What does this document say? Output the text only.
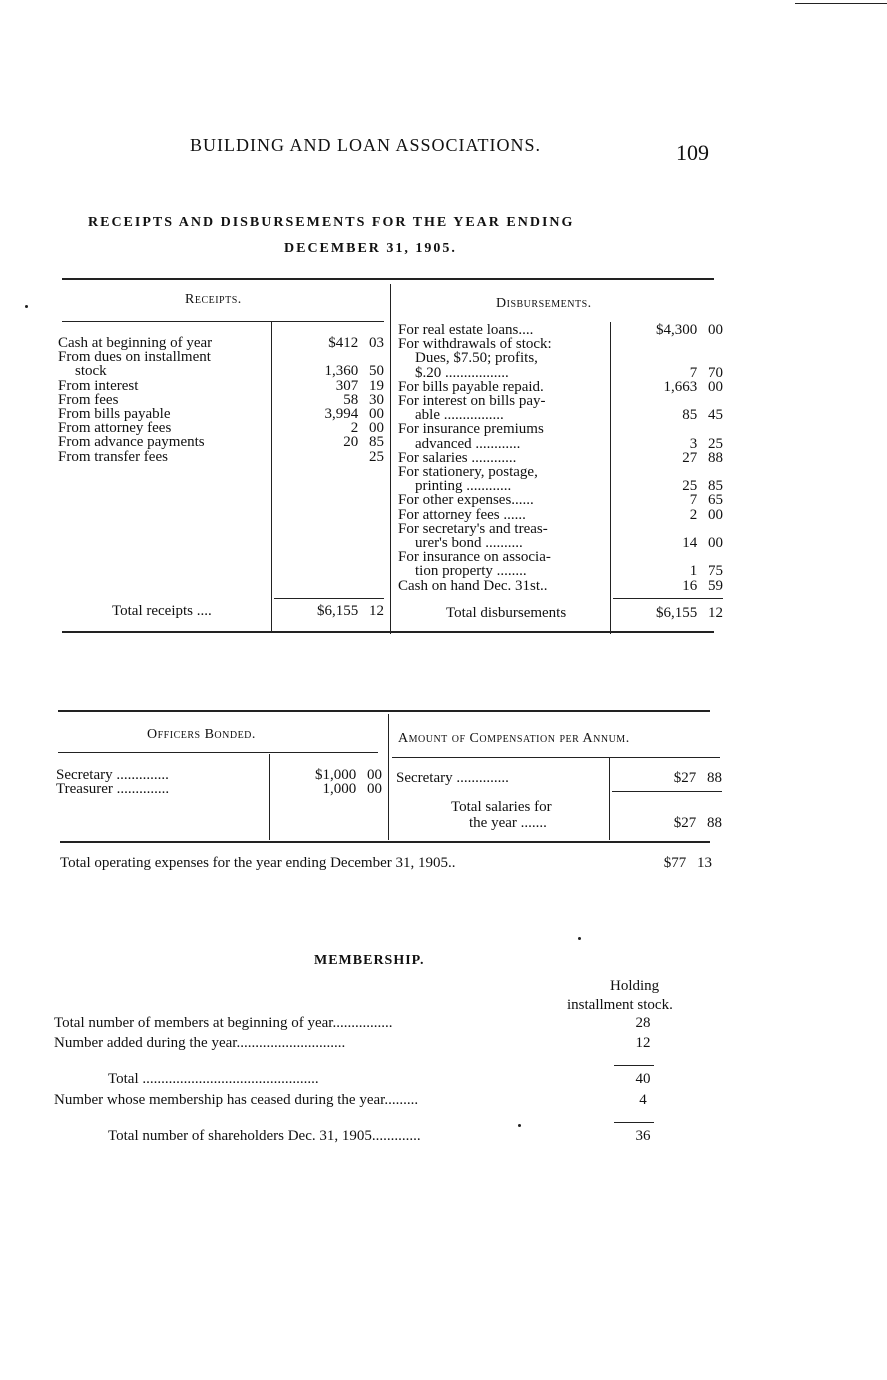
BUILDING AND LOAN ASSOCIATIONS.	109
RECEIPTS AND DISBURSEMENTS FOR THE YEAR ENDING
DECEMBER 31, 1905.
Receipts.	Disbursements.
Cash at beginning of year	$412 03
From dues on installment
stock	1,360 50
From interest	307 19
From fees	58 30
From bills payable	3,994 00
From attorney fees	2 00
From advance payments	20 85
From transfer fees	25
For real estate loans....	$4,300 00
For withdrawals of stock:
Dues, $7.50; profits,
$.20 .................	7 70
For bills payable repaid.	1,663 00
For interest on bills pay-
able ................	85 45
For insurance premiums
advanced ............	3 25
For salaries ............	27 88
For stationery, postage,
printing ............	25 85
For other expenses......	7 65
For attorney fees ......	2 00
For secretary's and treas-
urer's bond ..........	14 00
For insurance on associa-
tion property ........	1 75
Cash on hand Dec. 31st..	16 59
Total receipts ....	$6,155 12	Total disbursements	$6,155 12
Officers Bonded.	Amount of Compensation per Annum.
Secretary ..............	$1,000 00
Treasurer ..............	1,000 00
Secretary ..............	$27 88
Total salaries for
the year .......	$27 88
Total operating expenses for the year ending December 31, 1905..	$77 13
MEMBERSHIP.
Holding
installment stock.
Total number of members at beginning of year................	28
Number added during the year.............................	12
Total ...............................................	40
Number whose membership has ceased during the year.........	4
Total number of shareholders Dec. 31, 1905.............	36
